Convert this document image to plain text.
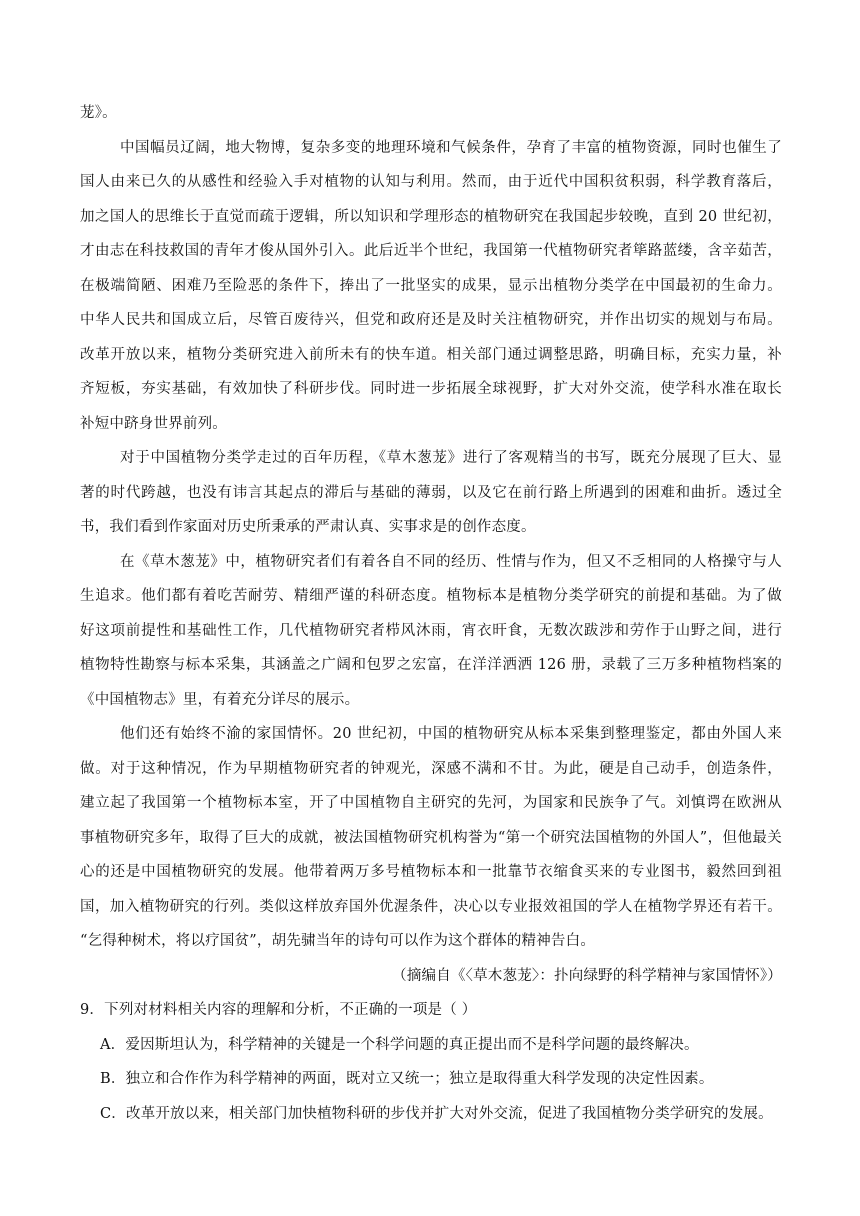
茏》。
中国幅员辽阔，地大物博，复杂多变的地理环境和气候条件，孕育了丰富的植物资源，同时也催生了
国人由来已久的从感性和经验入手对植物的认知与利用。然而，由于近代中国积贫积弱，科学教育落后，
加之国人的思维长于直觉而疏于逻辑，所以知识和学理形态的植物研究在我国起步较晚，直到 20 世纪初，
才由志在科技救国的青年才俊从国外引入。此后近半个世纪，我国第一代植物研究者筚路蓝缕，含辛茹苦，
在极端简陋、困难乃至险恶的条件下，捧出了一批坚实的成果，显示出植物分类学在中国最初的生命力。
中华人民共和国成立后，尽管百废待兴，但党和政府还是及时关注植物研究，并作出切实的规划与布局。
改革开放以来，植物分类研究进入前所未有的快车道。相关部门通过调整思路，明确目标，充实力量，补
齐短板，夯实基础，有效加快了科研步伐。同时进一步拓展全球视野，扩大对外交流，使学科水准在取长
补短中跻身世界前列。
对于中国植物分类学走过的百年历程，《草木葱茏》进行了客观精当的书写，既充分展现了巨大、显
著的时代跨越，也没有讳言其起点的滞后与基础的薄弱，以及它在前行路上所遇到的困难和曲折。透过全
书，我们看到作家面对历史所秉承的严肃认真、实事求是的创作态度。
在《草木葱茏》中，植物研究者们有着各自不同的经历、性情与作为，但又不乏相同的人格操守与人
生追求。他们都有着吃苦耐劳、精细严谨的科研态度。植物标本是植物分类学研究的前提和基础。为了做
好这项前提性和基础性工作，几代植物研究者栉风沐雨，宵衣旰食，无数次跋涉和劳作于山野之间，进行
植物特性勘察与标本采集，其涵盖之广阔和包罗之宏富，在洋洋洒洒 126 册，录载了三万多种植物档案的
《中国植物志》里，有着充分详尽的展示。
他们还有始终不渝的家国情怀。20 世纪初，中国的植物研究从标本采集到整理鉴定，都由外国人来
做。对于这种情况，作为早期植物研究者的钟观光，深感不满和不甘。为此，硬是自己动手，创造条件，
建立起了我国第一个植物标本室，开了中国植物自主研究的先河，为国家和民族争了气。刘慎谔在欧洲从
事植物研究多年，取得了巨大的成就，被法国植物研究机构誉为“第一个研究法国植物的外国人”，但他最关
心的还是中国植物研究的发展。他带着两万多号植物标本和一批靠节衣缩食买来的专业图书，毅然回到祖
国，加入植物研究的行列。类似这样放弃国外优渥条件，决心以专业报效祖国的学人在植物学界还有若干。
“乞得种树术，将以疗国贫”，胡先骕当年的诗句可以作为这个群体的精神告白。
（摘编自《〈草木葱茏〉：扑向绿野的科学精神与家国情怀》）
9．下列对材料相关内容的理解和分析，不正确的一项是（ ）
A．爱因斯坦认为，科学精神的关键是一个科学问题的真正提出而不是科学问题的最终解决。
B．独立和合作作为科学精神的两面，既对立又统一；独立是取得重大科学发现的决定性因素。
C．改革开放以来，相关部门加快植物科研的步伐并扩大对外交流，促进了我国植物分类学研究的发展。
